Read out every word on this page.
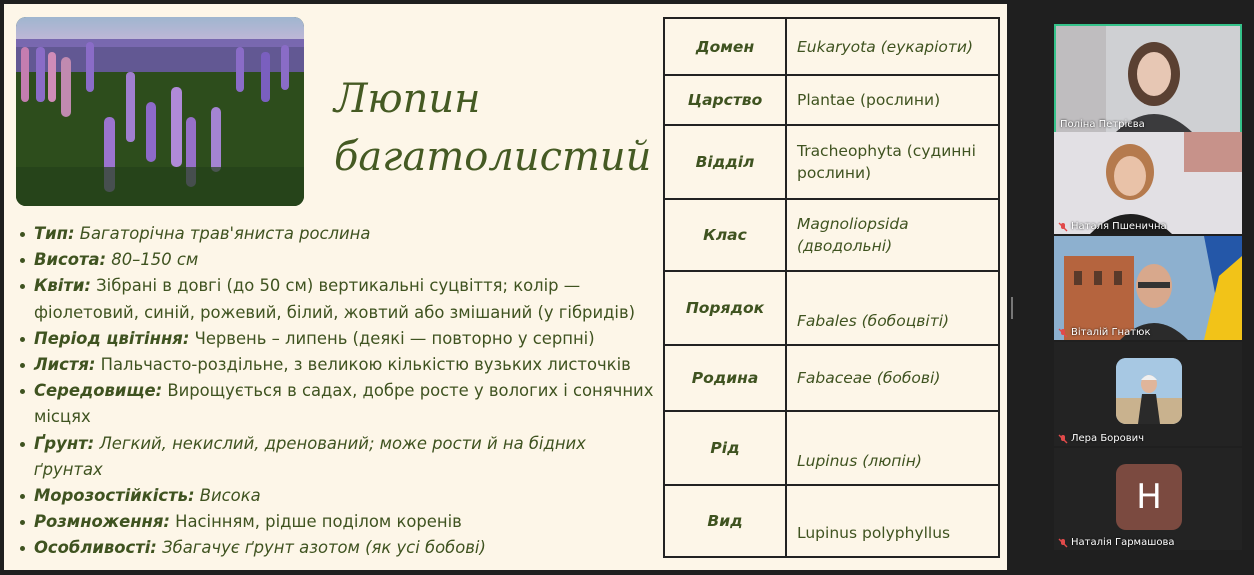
Люпин
багатолистий
Тип: Багаторічна трав'яниста рослина
Висота: 80–150 см
Квіти: Зібрані в довгі (до 50 см) вертикальні суцвіття; колір — фіолетовий, синій, рожевий, білий, жовтий або змішаний (у гібридів)
Період цвітіння: Червень – липень (деякі — повторно у серпні)
Листя: Пальчасто-роздільне, з великою кількістю вузьких листочків
Середовище: Вирощується в садах, добре росте у вологих і сонячних місцях
Ґрунт: Легкий, некислий, дренований; може рости й на бідних ґрунтах
Морозостійкість: Висока
Розмноження: Насінням, рідше поділом коренів
Особливості: Збагачує ґрунт азотом (як усі бобові)
Домен	Eukaryota (еукаріоти)
Царство	Plantae (рослини)
Відділ	Tracheophyta (судинні рослини)
Клас	Magnoliopsida (дводольні)
Порядок	Fabales (бобоцвіті)
Родина	Fabaceae (бобові)
Рід	Lupinus (люпін)
Вид	Lupinus polyphyllus
Поліна Петрієва
Наталя Пшенична
Віталій Гнатюк
Лера Борович
Н
Наталія Гармашова
